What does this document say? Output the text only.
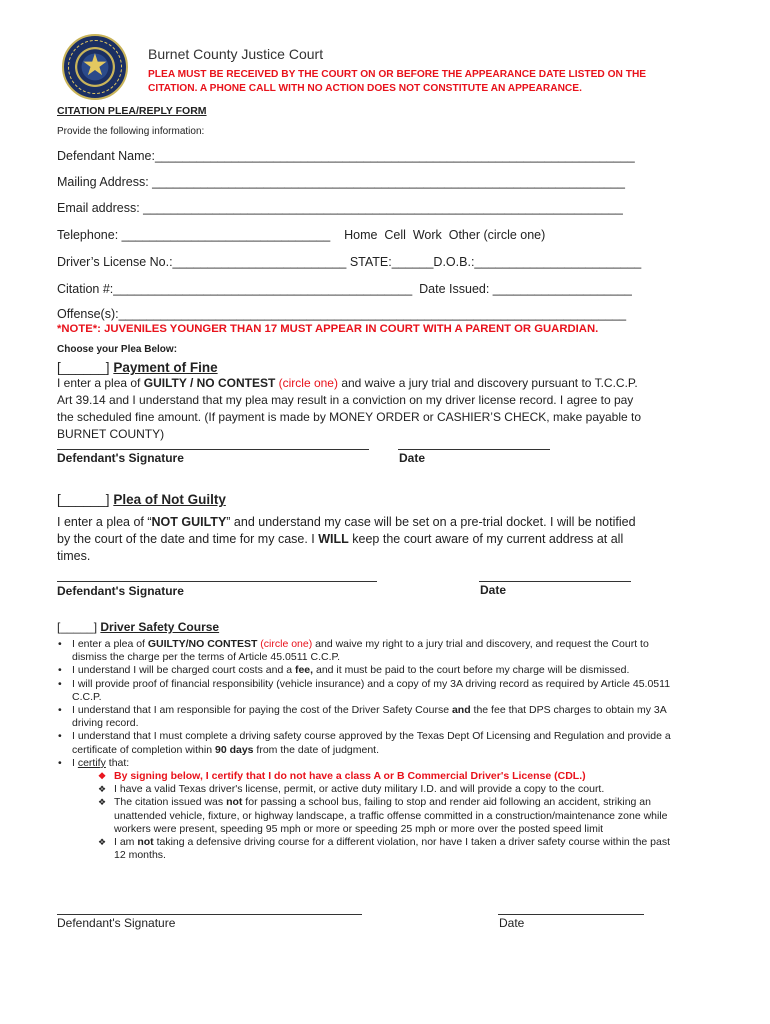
★	Burnet County Justice Court
PLEA MUST BE RECEIVED BY THE COURT ON OR BEFORE THE APPEARANCE DATE LISTED ON THE CITATION. A PHONE CALL WITH NO ACTION DOES NOT CONSTITUTE AN APPEARANCE.
CITATION PLEA/REPLY FORM
Provide the following information:
Defendant Name:_____________________________________________________________________
Mailing Address: ____________________________________________________________________
Email address: _____________________________________________________________________
Telephone: ______________________________    Home  Cell  Work  Other (circle one)
Driver’s License No.:_________________________ STATE:______D.O.B.:________________________
Citation #:___________________________________________  Date Issued: ____________________
Offense(s):_________________________________________________________________________
*NOTE*: JUVENILES YOUNGER THAN 17 MUST APPEAR IN COURT WITH A PARENT OR GUARDIAN.
Choose your Plea Below:
[______] Payment of Fine
I enter a plea of GUILTY / NO CONTEST (circle one) and waive a jury trial and discovery pursuant to T.C.C.P. Art 39.14 and I understand that my plea may result in a conviction on my driver license record. I agree to pay the scheduled fine amount. (If payment is made by MONEY ORDER or CASHIER’S CHECK, make payable to BURNET COUNTY)
Defendant's Signature	Date
[______] Plea of Not Guilty
I enter a plea of “NOT GUILTY” and understand my case will be set on a pre-trial docket. I will be notified by the court of the date and time for my case. I WILL keep the court aware of my current address at all times.
Defendant's Signature	Date
[_____] Driver Safety Course
• I enter a plea of GUILTY/NO CONTEST (circle one) and waive my right to a jury trial and discovery, and request the Court to dismiss the charge per the terms of Article 45.0511 C.C.P.
• I understand I will be charged court costs and a fee, and it must be paid to the court before my charge will be dismissed.
• I will provide proof of financial responsibility (vehicle insurance) and a copy of my 3A driving record as required by Article 45.0511 C.C.P.
• I understand that I am responsible for paying the cost of the Driver Safety Course and the fee that DPS charges to obtain my 3A driving record.
• I understand that I must complete a driving safety course approved by the Texas Dept Of Licensing and Regulation and provide a certificate of completion within 90 days from the date of judgment.
• I certify that:
❖ By signing below, I certify that I do not have a class A or B Commercial Driver's License (CDL.)
❖ I have a valid Texas driver's license, permit, or active duty military I.D. and will provide a copy to the court.
❖ The citation issued was not for passing a school bus, failing to stop and render aid following an accident, striking an unattended vehicle, fixture, or highway landscape, a traffic offense committed in a construction/maintenance zone while workers were present, speeding 95 mph or more or speeding 25 mph or more over the posted speed limit
❖ I am not taking a defensive driving course for a different violation, nor have I taken a driver safety course within the past 12 months.
Defendant's Signature	Date
